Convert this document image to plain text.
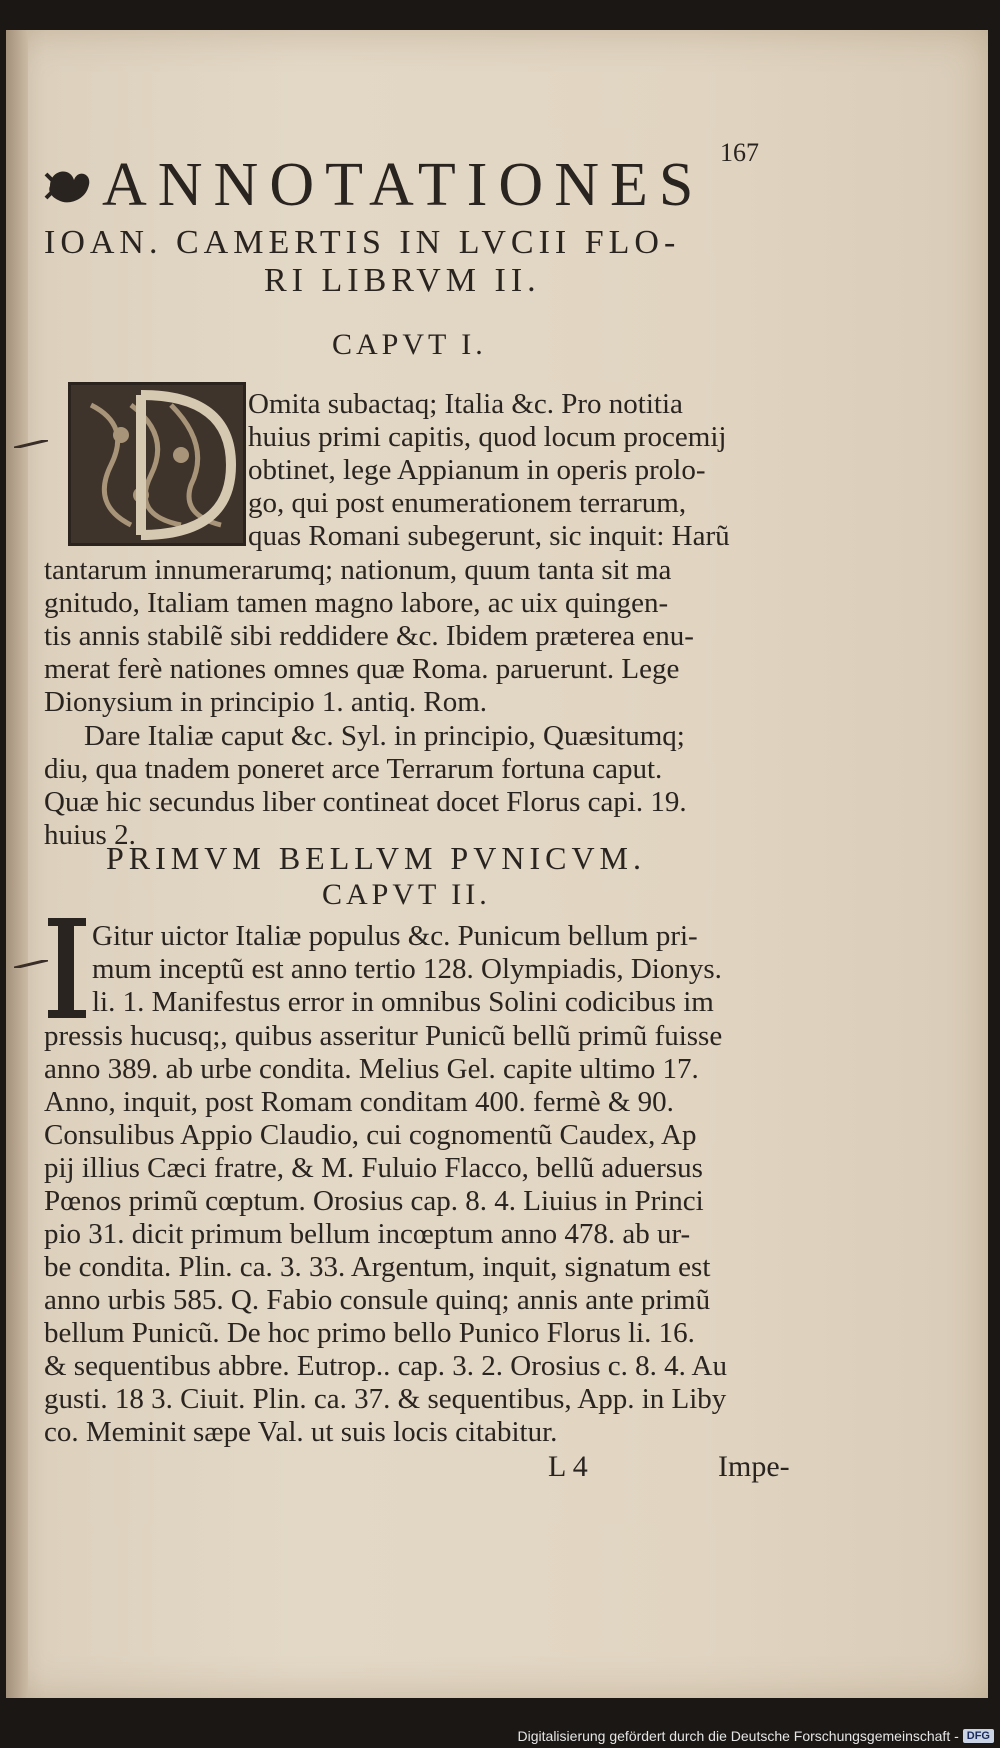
167
ANNOTATIONES
IOAN. CAMERTIS IN LVCII FLO-
RI LIBRVM II.
CAPVT I.

Omita subactaq; Italia &c. Pro notitia

huius primi capitis, quod locum procemij

obtinet, lege Appianum in operis prolo-

go, qui post enumerationem terrarum,

quas Romani subegerunt, sic inquit: Harũ

tantarum innumerarumq; nationum, quum tanta sit ma

gnitudo, Italiam tamen magno labore, ac uix quingen-

tis annis stabilẽ sibi reddidere &c. Ibidem præterea enu-

merat ferè nationes omnes quæ Roma. paruerunt. Lege

Dionysium in principio 1. antiq. Rom.

Dare Italiæ caput &c. Syl. in principio, Quæsitumq;

diu, qua tnadem poneret arce Terrarum fortuna caput.

Quæ hic secundus liber contineat docet Florus capi. 19.

huius 2.

PRIMVM BELLVM PVNICVM.
CAPVT II.

Gitur uictor Italiæ populus &c. Punicum bellum pri-

mum inceptũ est anno tertio 128. Olympiadis, Dionys.

li. 1. Manifestus error in omnibus Solini codicibus im

pressis hucusq;, quibus asseritur Punicũ bellũ primũ fuisse

anno 389. ab urbe condita. Melius Gel. capite ultimo 17.

Anno, inquit, post Romam conditam 400. fermè & 90.

Consulibus Appio Claudio, cui cognomentũ Caudex, Ap

pij illius Cæci fratre, & M. Fuluio Flacco, bellũ aduersus

Pœnos primũ cœptum. Orosius cap. 8. 4. Liuius in Princi

pio 31. dicit primum bellum incœptum anno 478. ab ur-

be condita. Plin. ca. 3. 33. Argentum, inquit, signatum est

anno urbis 585. Q. Fabio consule quinq; annis ante primũ

bellum Punicũ. De hoc primo bello Punico Florus li. 16.

& sequentibus abbre. Eutrop.. cap. 3. 2. Orosius c. 8. 4. Au

gusti. 18 3. Ciuit. Plin. ca. 37. & sequentibus, App. in Liby

co. Meminit sæpe Val. ut suis locis citabitur.

L 4	Impe-
Digitalisierung gefördert durch die Deutsche Forschungsgemeinschaft - DFG
